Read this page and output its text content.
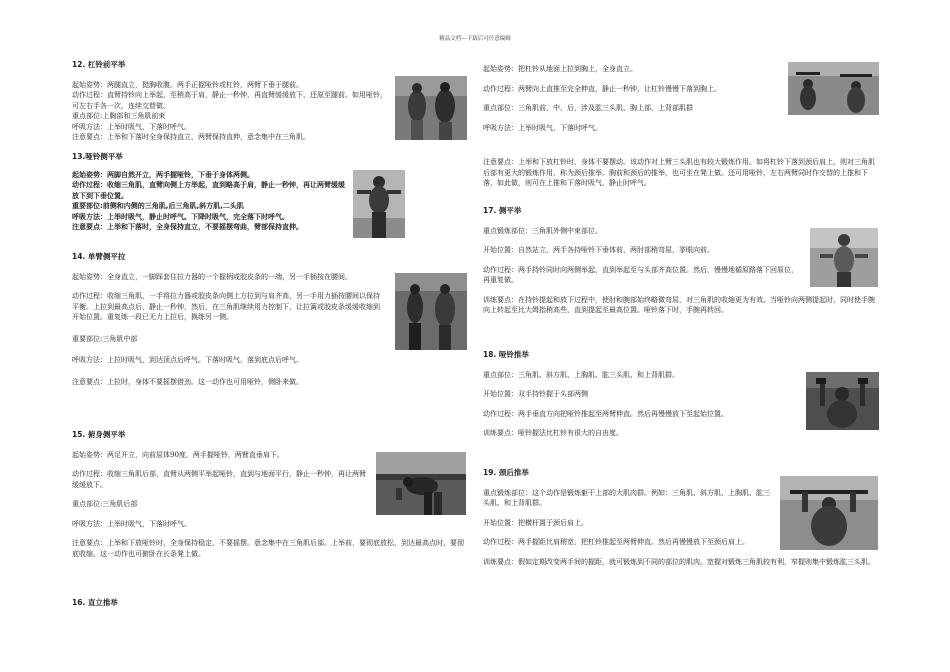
精品文档---下载后可任意编辑

12. 杠铃前平举

起始姿势：两腿直立，挺胸收腹。两手正握哑铃或杠铃，两臂下垂于腿前。

动作过程：直臂持铃向上举起，至稍高于肩，静止一秒钟，再直臂缓缓放下，还原至腿前。如用哑铃，可左右手各一次，连续交替做。

重点部位:上胸部和三角肌前束

呼吸方法：上举时吸气，下落时呼气。

注意要点：上举和下落时全身保持直立，两臂保持直伸，意念集中在三角肌。

13.哑铃侧平举

起始姿势：两脚自然开立，两手握哑铃，下垂于身体两侧。

动作过程：收缩三角肌，直臂向侧上方举起，直到略高于肩，静止一秒钟，再让两臂缓缓放下到下垂位置。

重要部位:前侧和内侧的三角肌,后三角肌,斜方肌,二头肌

呼吸方法：上举时吸气，静止时呼气。下降时吸气，完全落下时呼气。

注意要点：上举和下落时，全身保持直立，不要摇摆弯曲，臂部保持直伸。

14. 单臂侧平拉

起始姿势：全身直立，一脚踩套住拉力器的一个握柄或胶皮条的一端，另一手插按在腰间。

动作过程：收缩三角肌，一手将拉力器或胶皮条向侧上方拉到与肩齐高，另一手用力插按腰间以保持平衡。上拉到最高点后，静止一秒钟，然后，在三角肌继续用力控制下，让拉簧或胶皮条缓缓收缩到开始位置。重复练一段已无力上拉后，换练另一侧。

重要部位:三角肌中部

呼吸方法：上拉时吸气，到达顶点后呼气。下落时吸气，落到底点后呼气。

注意要点：上拉时，身体不要摇摆借劲。这一动作也可用哑铃，侧卧来做。

15. 俯身侧平举

起始姿势：两足开立，向前屈体90度，两手握哑铃，两臂直垂肩下。

动作过程：收缩三角肌后部，直臂从两侧平举起哑铃，直到与地面平行，静止一秒钟，再让两臂缓缓放下。

重点部位:三角肌后部

呼吸方法：上举时吸气，下落时呼气。

注意要点：上举和下放哑铃时，全身保持稳定，不要摇摆。意念集中在三角肌后部。上举前，要彻底放松，到达最高点时，要彻底收缩。这一动作也可俯卧在长条凳上做。

16. 直立推举

起始姿势：把杠铃从地面上拉到胸上，全身直立。

动作过程：两臂向上直推至完全伸直，静止一秒钟，让杠铃慢慢下落到胸上。

重点部位：三角肌前、中、后，涉及肱三头肌、胸上部，上背部肌群

呼吸方法：上举时吸气，下落时呼气。

注意要点：上举和下放杠铃时，身体不要摆动。该动作对上臂三头肌也有较大锻炼作用。如将杠铃下落到颈后肩上，则对三角肌后部有更大的锻炼作用，称为颈后推举。胸前和颈后的推举，也可坐在凳上做。还可用哑铃，左右两臂同时作交替的上推和下落，如此做，则可在上推和下落时吸气，静止时呼气。

17. 侧平举

重点锻炼部位：三角肌外侧中束部位。

开始位置：自然站立，两手各持哑铃下垂体前，两肘部稍弯屈，挙眼向前。

动作过程：两手持铃同时向两侧举起，直到举起至与头部齐高位置。然后，慢慢地循原路落下回原位，再重复做。

训练要点：在持铃提起和放下过程中，使肘和腕部始终略微弯屈，对三角肌的收缩更为有效。当哑铃向两侧提起时，同时使手腕向上转起至比大姆指稍高些，直到提起至最高位置。哑铃落下时，手腕再转回。

18. 哑铃推举

重点部位：三角肌、斜方肌、上胸肌、肱三头肌、和上背肌群。

开始位置：双手持铃握于头部两侧

动作过程：两手垂直方向把哑铃推起至两臂伸直。然后再慢慢放下至起始位置。

训练要点：哑铃握法比杠铃有很大的自由度。

19. 颈后推举

重点锻炼部位：这个动作是锻炼躯干上部的大肌肉群。例如：三角肌、斜方肌、上胸肌、肱三头肌、和上背肌群。

开始位置：把横杆置于颈后肩上。

动作过程：两手握距比肩稍宽，把杠铃推起至两臂伸直。然后再慢慢放下至颈后肩上。

训练要点：假如定期改变两手间的握距，就可锻炼到不同的部位的肌肉。宽握对锻炼三角肌较有利，窄握则集中锻炼肱三头肌。
